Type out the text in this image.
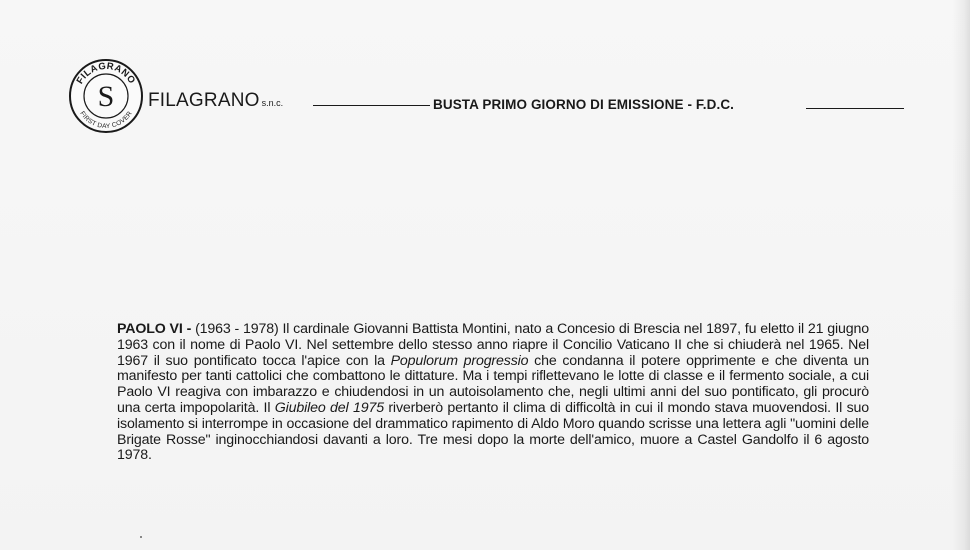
FILAGRANO
FIRST DAY COVER
S FILAGRANO s.n.c.	BUSTA PRIMO GIORNO DI EMISSIONE - F.D.C.

PAOLO VI - (1963 - 1978) Il cardinale Giovanni Battista Montini, nato a Concesio di Brescia nel 1897, fu eletto il 21 giugno 1963 con il nome di Paolo VI. Nel settembre dello stesso anno riapre il Concilio Vaticano II che si chiuderà nel 1965. Nel 1967 il suo pontificato tocca l'apice con la Populorum progressio che condanna il potere opprimente e che diventa un manifesto per tanti cattolici che combattono le dittature. Ma i tempi riflettevano le lotte di classe e il fermento sociale, a cui Paolo VI reagiva con imbarazzo e chiudendosi in un autoisolamento che, negli ultimi anni del suo pontificato, gli procurò una certa impopolarità. Il Giubileo del 1975 riverberò pertanto il clima di difficoltà in cui il mondo stava muovendosi. Il suo isolamento si interrompe in occasione del drammatico rapimento di Aldo Moro quando scrisse una lettera agli "uomini delle Brigate Rosse" inginocchiandosi davanti a loro. Tre mesi dopo la morte dell'amico, muore a Castel Gandolfo il 6 agosto 1978.
